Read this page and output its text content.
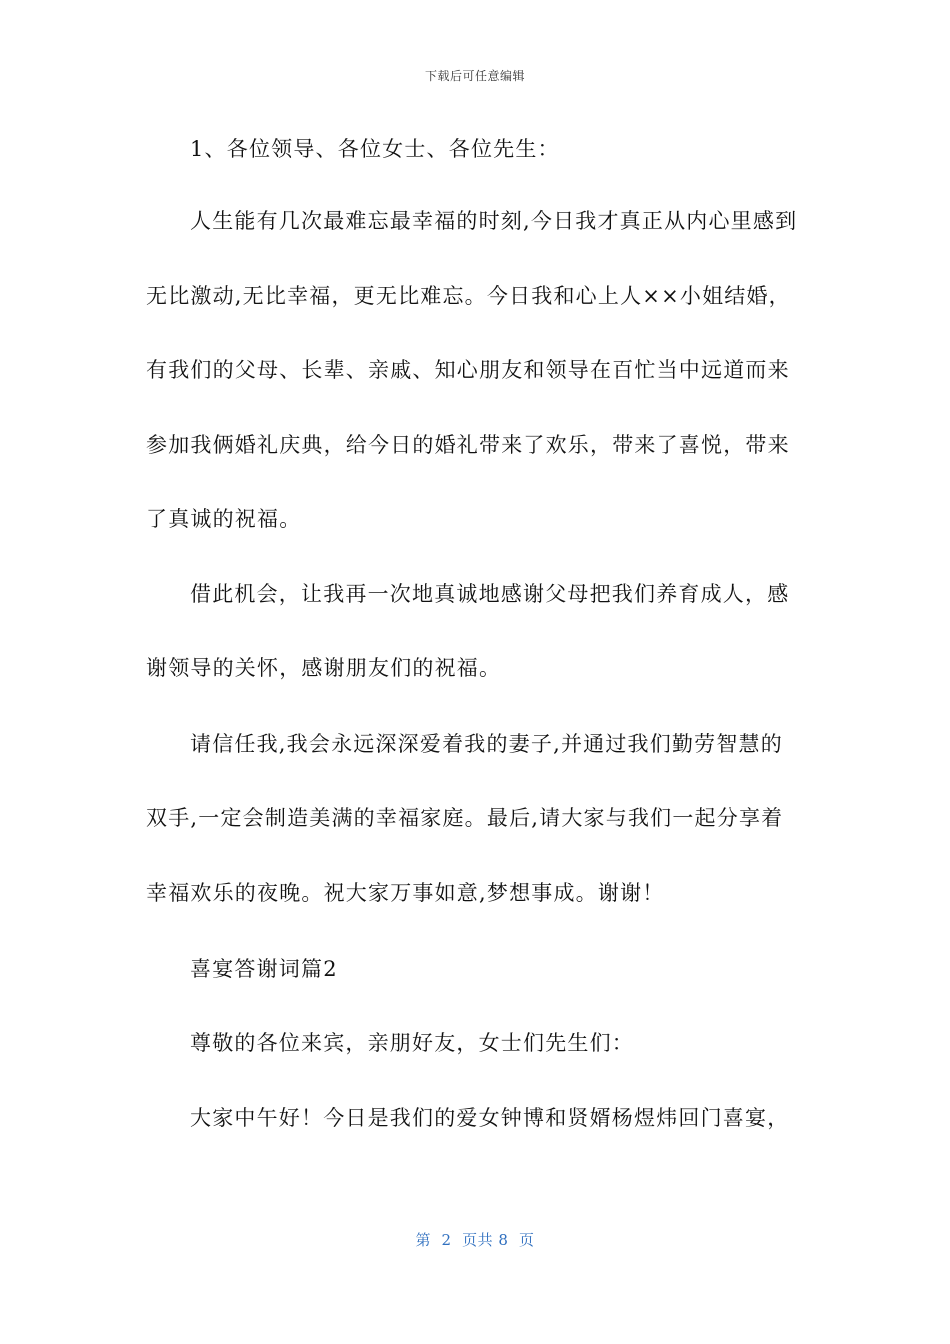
下载后可任意编辑
1、各位领导、各位女士、各位先生：
人生能有几次最难忘最幸福的时刻,今日我才真正从内心里感到
无比激动,无比幸福，更无比难忘。今日我和心上人××小姐结婚，
有我们的父母、长辈、亲戚、知心朋友和领导在百忙当中远道而来
参加我俩婚礼庆典，给今日的婚礼带来了欢乐，带来了喜悦，带来
了真诚的祝福。
借此机会，让我再一次地真诚地感谢父母把我们养育成人，感
谢领导的关怀，感谢朋友们的祝福。
请信任我,我会永远深深爱着我的妻子,并通过我们勤劳智慧的
双手,一定会制造美满的幸福家庭。最后,请大家与我们一起分享着
幸福欢乐的夜晚。祝大家万事如意,梦想事成。谢谢！
喜宴答谢词篇2
尊敬的各位来宾，亲朋好友，女士们先生们：
大家中午好！今日是我们的爱女钟博和贤婿杨煜炜回门喜宴，
第  2  页共 8  页
